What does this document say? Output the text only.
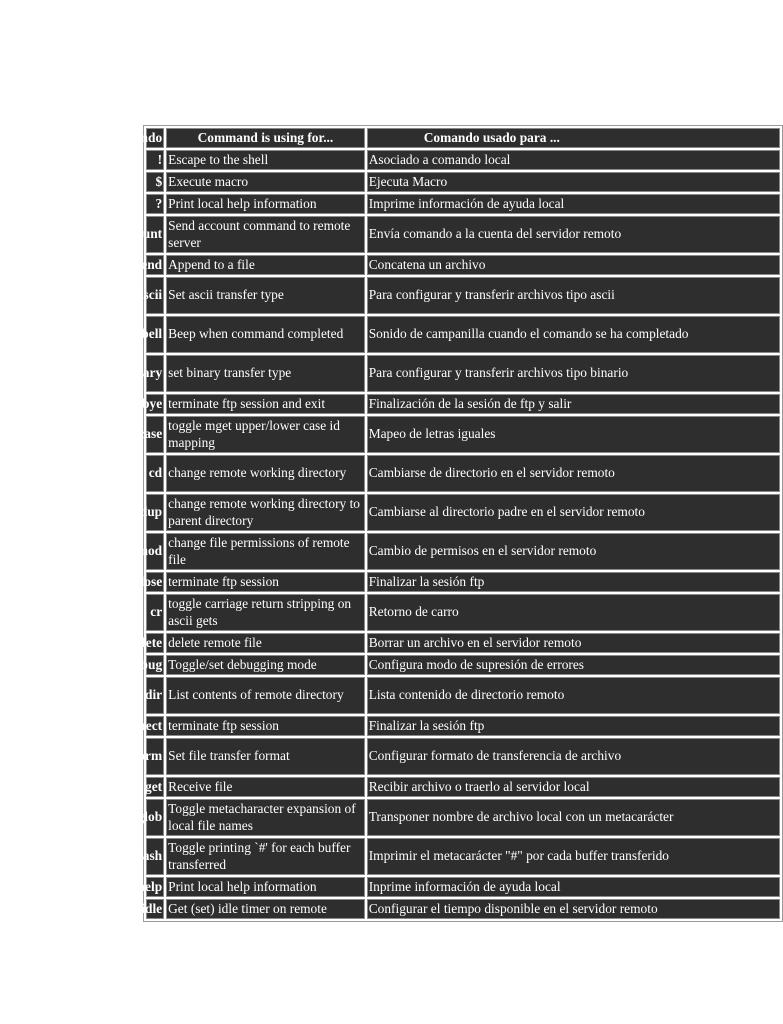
Comando	Command is using for...	Comando usado para ...
!	Escape to the shell	Asociado a comando local
$	Execute macro	Ejecuta Macro
?	Print local help information	Imprime información de ayuda local
account	Send account command to remote server	Envía comando a la cuenta del servidor remoto
append	Append to a file	Concatena un archivo
ascii	Set ascii transfer type	Para configurar y transferir archivos tipo ascii
bell	Beep when command completed	Sonido de campanilla cuando el comando se ha completado
binary	set binary transfer type	Para configurar y transferir archivos tipo binario
bye	terminate ftp session and exit	Finalización de la sesión de ftp y salir
case	toggle mget upper/lower case id mapping	Mapeo de letras iguales
cd	change remote working directory	Cambiarse de directorio en el servidor remoto
cdup	change remote working directory to parent directory	Cambiarse al directorio padre en el servidor remoto
chmod	change file permissions of remote file	Cambio de permisos en el servidor remoto
close	terminate ftp session	Finalizar la sesión ftp
cr	toggle carriage return stripping on ascii gets	Retorno de carro
delete	delete remote file	Borrar un archivo en el servidor remoto
debug	Toggle/set debugging mode	Configura modo de supresión de errores
dir	List contents of remote directory	Lista contenido de directorio remoto
disconnect	terminate ftp session	Finalizar la sesión ftp
form	Set file transfer format	Configurar formato de transferencia de archivo
get	Receive file	Recibir archivo o traerlo al servidor local
glob	Toggle metacharacter expansion of local file names	Transponer nombre de archivo local con un metacarácter
hash	Toggle printing `#' for each buffer transferred	Imprimir el metacarácter "#" por cada buffer transferido
help	Print local help information	Inprime información de ayuda local
idle	Get (set) idle timer on remote	Configurar el tiempo disponible en el servidor remoto
